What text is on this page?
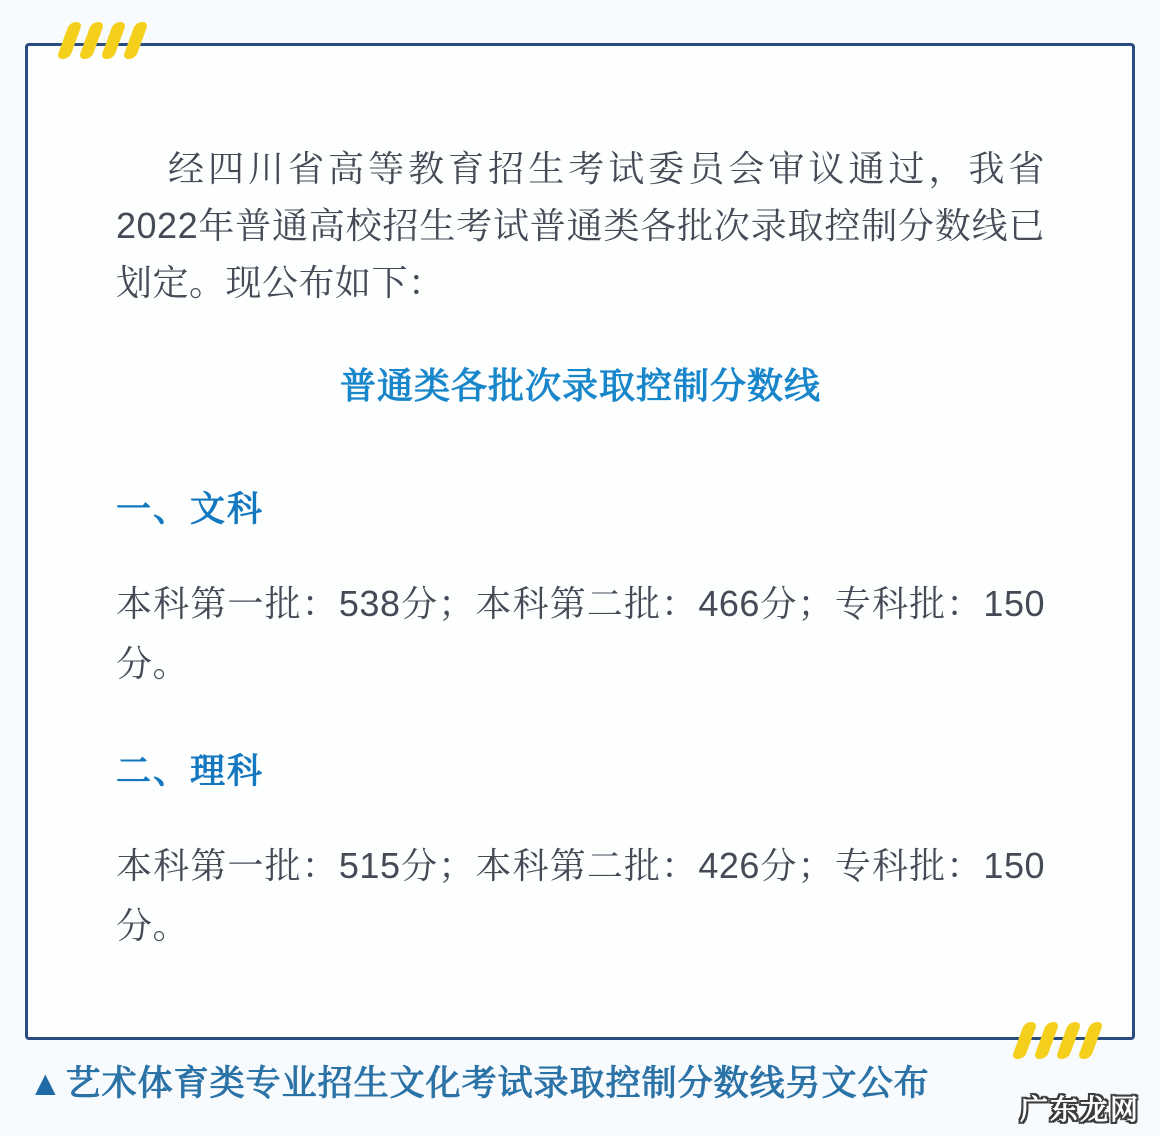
经四川省高等教育招生考试委员会审议通过，我省2022年普通高校招生考试普通类各批次录取控制分数线已划定。现公布如下：

普通类各批次录取控制分数线
一、文科

本科第一批：538分；本科第二批：466分；专科批：150分。

二、理科

本科第一批：515分；本科第二批：426分；专科批：150分。

▲艺术体育类专业招生文化考试录取控制分数线另文公布
广东龙网
